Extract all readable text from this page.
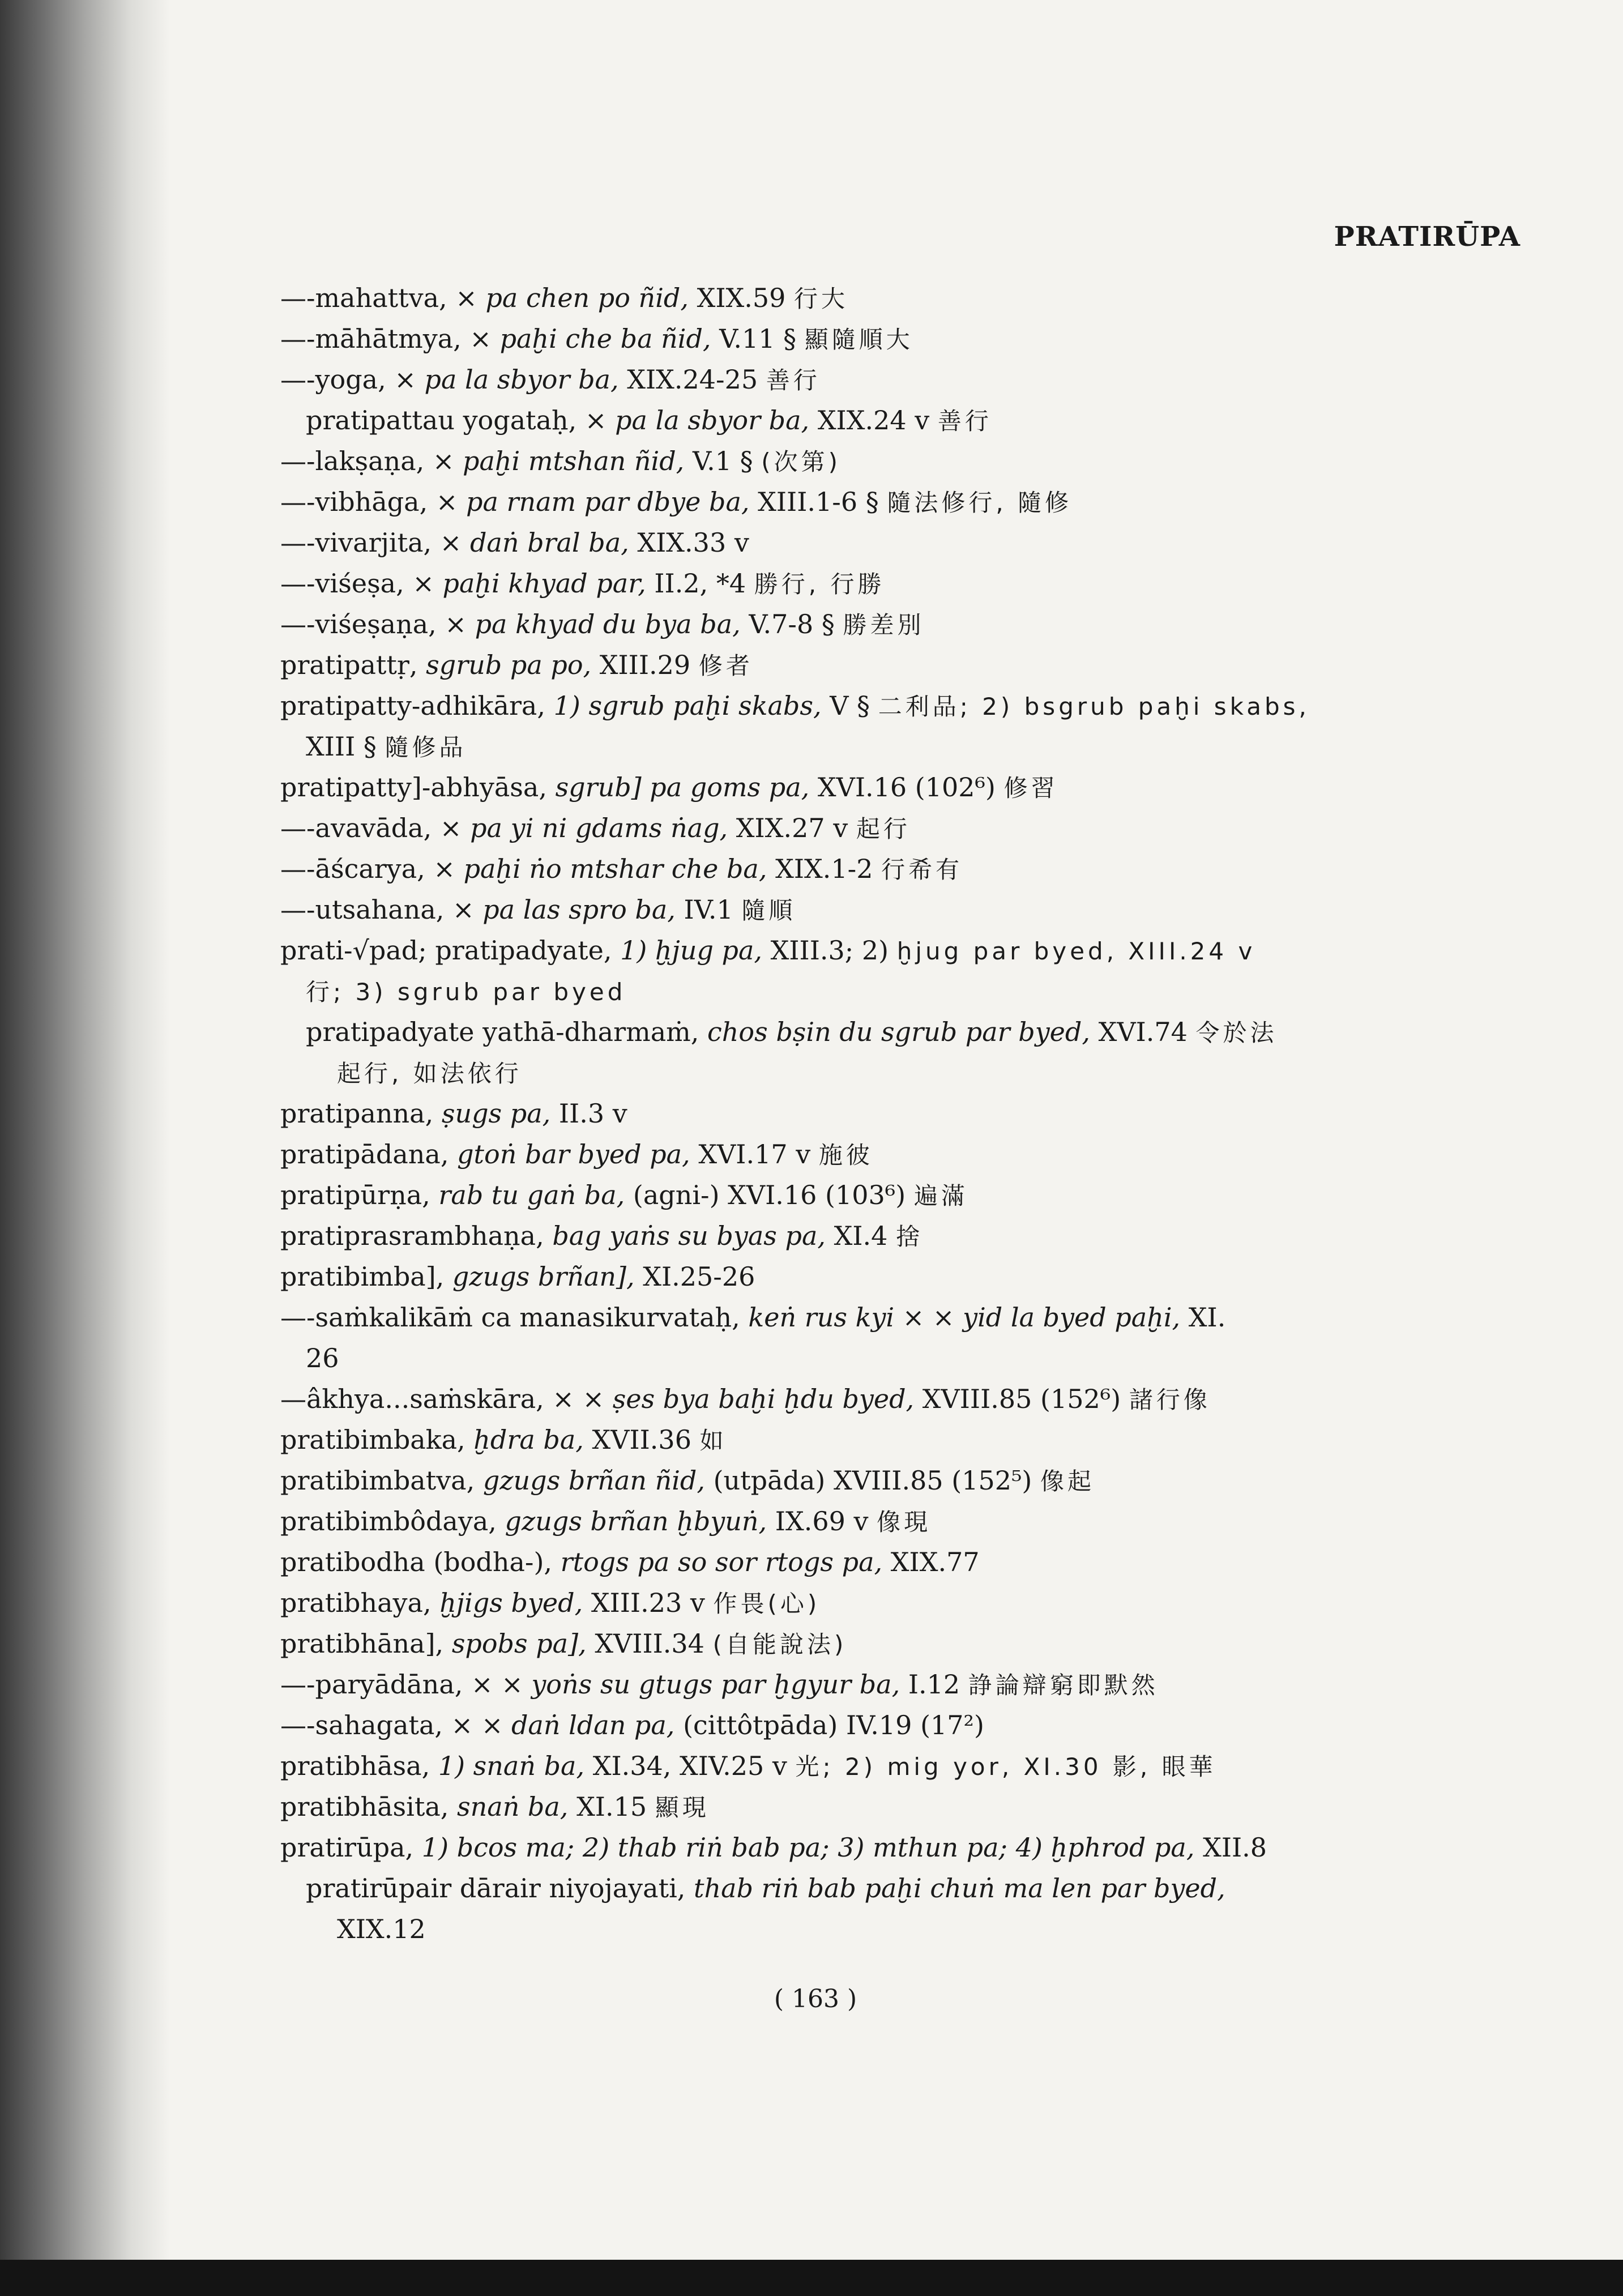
PRATIRŪPA
—-mahattva, × pa chen po ñid, XIX.59 行大
—-māhātmya, × paḫi che ba ñid, V.11 § 顯隨順大
—-yoga, × pa la sbyor ba, XIX.24-25 善行
pratipattau yogataḥ, × pa la sbyor ba, XIX.24 v 善行
—-lakṣaṇa, × paḫi mtshan ñid, V.1 § (次第)
—-vibhāga, × pa rnam par dbye ba, XIII.1-6 § 隨法修行, 隨修
—-vivarjita, × daṅ bral ba, XIX.33 v
—-viśeṣa, × paḫi khyad par, II.2, *4 勝行, 行勝
—-viśeṣaṇa, × pa khyad du bya ba, V.7-8 § 勝差別
pratipattṛ, sgrub pa po, XIII.29 修者
pratipatty-adhikāra, 1) sgrub paḫi skabs, V § 二利品; 2) bsgrub paḫi skabs,
XIII § 隨修品
pratipatty]-abhyāsa, sgrub] pa goms pa, XVI.16 (102⁶) 修習
—-avavāda, × pa yi ni gdams ṅag, XIX.27 v 起行
—-āścarya, × paḫi ṅo mtshar che ba, XIX.1-2 行希有
—-utsahana, × pa las spro ba, IV.1 隨順
prati-√pad; pratipadyate, 1) ḫjug pa, XIII.3; 2) ḫjug par byed, XIII.24 v
行; 3) sgrub par byed
pratipadyate yathā-dharmaṁ, chos bṣin du sgrub par byed, XVI.74 令於法
起行, 如法依行
pratipanna, ṣugs pa, II.3 v
pratipādana, gtoṅ bar byed pa, XVI.17 v 施彼
pratipūrṇa, rab tu gaṅ ba, (agni-) XVI.16 (103⁶) 遍滿
pratiprasrambhaṇa, bag yaṅs su byas pa, XI.4 捨
pratibimba], gzugs brñan], XI.25-26
—-saṁkalikāṁ ca manasikurvataḥ, keṅ rus kyi × × yid la byed paḫi, XI.
26
—âkhya...saṁskāra, × × ṣes bya baḫi ḫdu byed, XVIII.85 (152⁶) 諸行像
pratibimbaka, ḫdra ba, XVII.36 如
pratibimbatva, gzugs brñan ñid, (utpāda) XVIII.85 (152⁵) 像起
pratibimbôdaya, gzugs brñan ḫbyuṅ, IX.69 v 像現
pratibodha (bodha-), rtogs pa so sor rtogs pa, XIX.77
pratibhaya, ḫjigs byed, XIII.23 v 作畏(心)
pratibhāna], spobs pa], XVIII.34 (自能說法)
—-paryādāna, × × yoṅs su gtugs par ḫgyur ba, I.12 諍論辯窮即默然
—-sahagata, × × daṅ ldan pa, (cittôtpāda) IV.19 (17²)
pratibhāsa, 1) snaṅ ba, XI.34, XIV.25 v 光; 2) mig yor, XI.30 影, 眼華
pratibhāsita, snaṅ ba, XI.15 顯現
pratirūpa, 1) bcos ma; 2) thab riṅ bab pa; 3) mthun pa; 4) ḫphrod pa, XII.8
pratirūpair dārair niyojayati, thab riṅ bab paḫi chuṅ ma len par byed,
XIX.12
( 163 )
